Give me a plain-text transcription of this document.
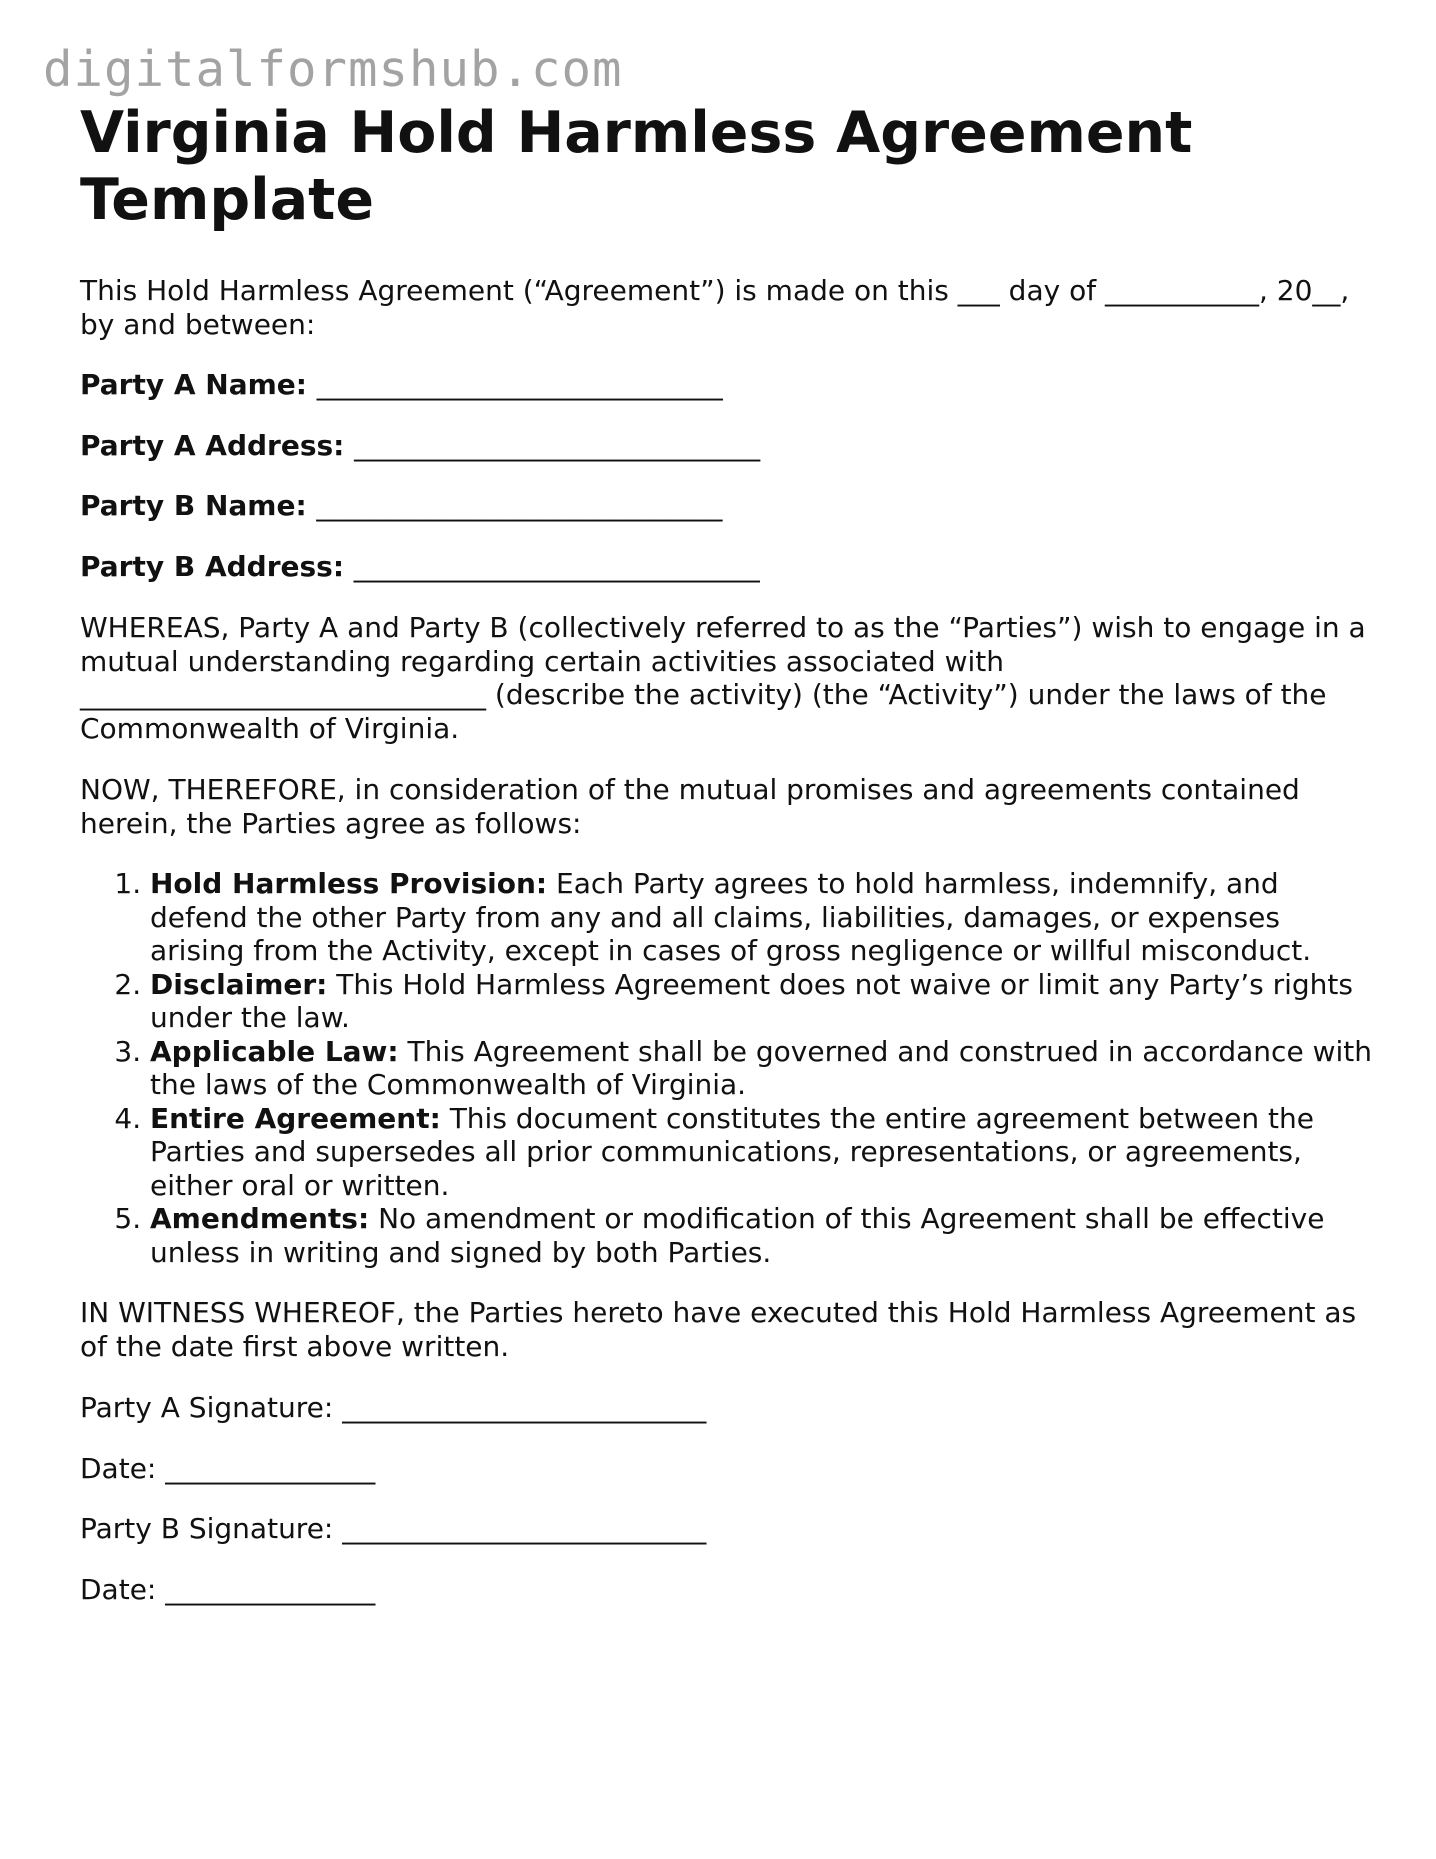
digitalformshub.com
Virginia Hold Harmless Agreement Template

This Hold Harmless Agreement (“Agreement”) is made on this ___ day of ___________, 20__, by and between:

Party A Name: _____________________________

Party A Address: _____________________________

Party B Name: _____________________________

Party B Address: _____________________________

WHEREAS, Party A and Party B (collectively referred to as the “Parties”) wish to engage in a mutual understanding regarding certain activities associated with _____________________________ (describe the activity) (the “Activity”) under the laws of the Commonwealth of Virginia.

NOW, THEREFORE, in consideration of the mutual promises and agreements contained herein, the Parties agree as follows:

1. Hold Harmless Provision: Each Party agrees to hold harmless, indemnify, and defend the other Party from any and all claims, liabilities, damages, or expenses arising from the Activity, except in cases of gross negligence or willful misconduct.
2. Disclaimer: This Hold Harmless Agreement does not waive or limit any Party’s rights under the law.
3. Applicable Law: This Agreement shall be governed and construed in accordance with the laws of the Commonwealth of Virginia.
4. Entire Agreement: This document constitutes the entire agreement between the Parties and supersedes all prior communications, representations, or agreements, either oral or written.
5. Amendments: No amendment or modification of this Agreement shall be effective unless in writing and signed by both Parties.

IN WITNESS WHEREOF, the Parties hereto have executed this Hold Harmless Agreement as of the date first above written.

Party A Signature: __________________________

Date: _______________

Party B Signature: __________________________

Date: _______________
